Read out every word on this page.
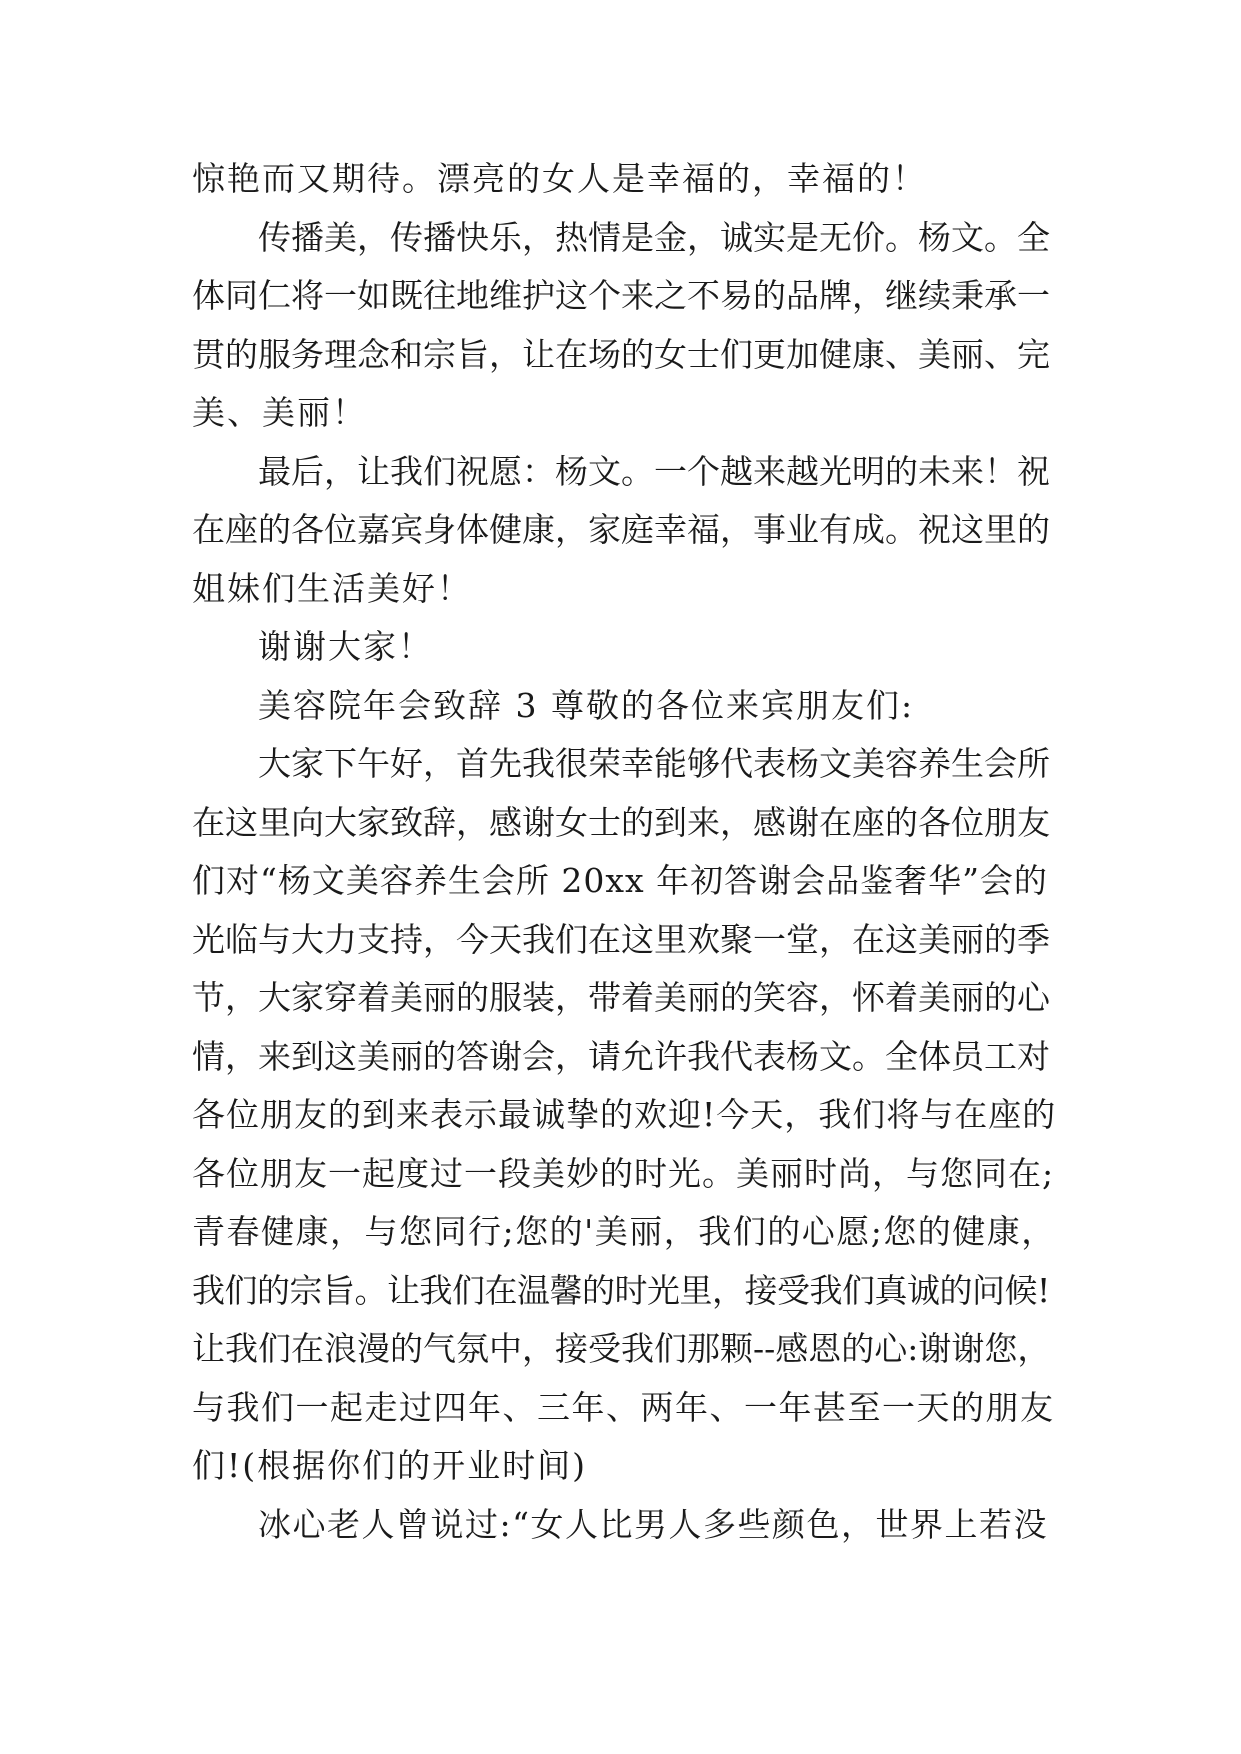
惊艳而又期待。漂亮的女人是幸福的，幸福的！
传播美，传播快乐，热情是金，诚实是无价。杨文。全
体同仁将一如既往地维护这个来之不易的品牌，继续秉承一
贯的服务理念和宗旨，让在场的女士们更加健康、美丽、完
美、美丽！
最后，让我们祝愿：杨文。一个越来越光明的未来！祝
在座的各位嘉宾身体健康，家庭幸福，事业有成。祝这里的
姐妹们生活美好！
谢谢大家！
美容院年会致辞 3 尊敬的各位来宾朋友们:
大家下午好，首先我很荣幸能够代表杨文美容养生会所
在这里向大家致辞，感谢女士的到来，感谢在座的各位朋友
们对“杨文美容养生会所 20xx 年初答谢会品鉴奢华”会的
光临与大力支持，今天我们在这里欢聚一堂，在这美丽的季
节，大家穿着美丽的服装，带着美丽的笑容，怀着美丽的心
情，来到这美丽的答谢会，请允许我代表杨文。全体员工对
各位朋友的到来表示最诚挚的欢迎!今天，我们将与在座的
各位朋友一起度过一段美妙的时光。美丽时尚，与您同在;
青春健康，与您同行;您的'美丽，我们的心愿;您的健康，
我们的宗旨。让我们在温馨的时光里，接受我们真诚的问候!
让我们在浪漫的气氛中，接受我们那颗--感恩的心:谢谢您，
与我们一起走过四年、三年、两年、一年甚至一天的朋友
们!(根据你们的开业时间)
冰心老人曾说过:“女人比男人多些颜色，世界上若没
